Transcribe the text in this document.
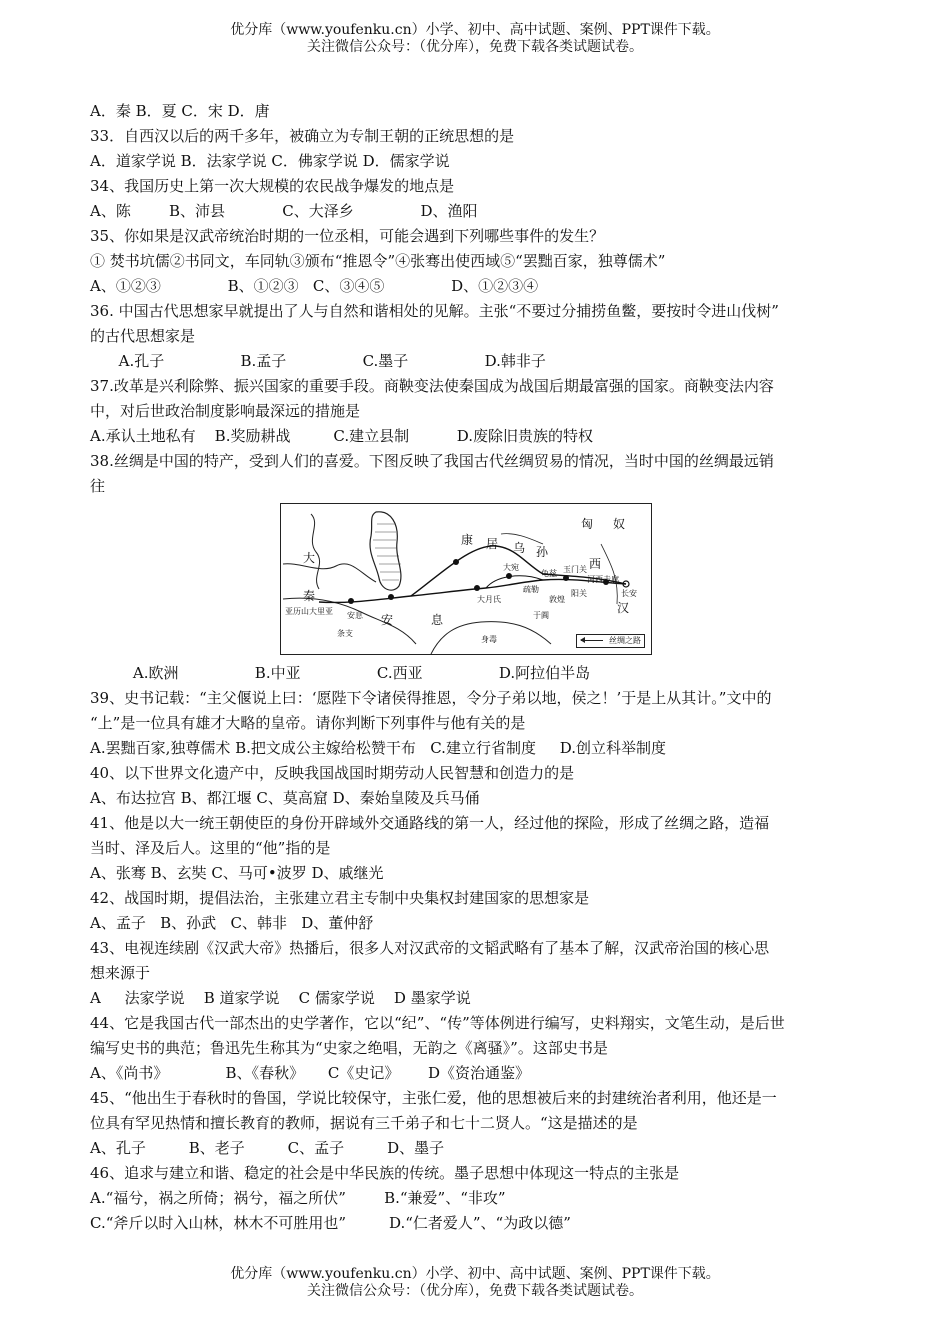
优分库（www.youfenku.cn）小学、初中、高中试题、案例、PPT课件下载。
关注微信公众号：（优分库），免费下载各类试题试卷。
A．秦 B．夏 C．宋 D．唐
33．自西汉以后的两千多年，被确立为专制王朝的正统思想的是
A．道家学说 B．法家学说 C．佛家学说 D．儒家学说
34、我国历史上第一次大规模的农民战争爆发的地点是
A、陈        B、沛县            C、大泽乡              D、渔阳
35、你如果是汉武帝统治时期的一位丞相，可能会遇到下列哪些事件的发生？
① 焚书坑儒②书同文，车同轨③颁布“推恩令”④张骞出使西域⑤“罢黜百家，独尊儒术”
A、①②③              B、①②③   C、③④⑤              D、①②③④
36. 中国古代思想家早就提出了人与自然和谐相处的见解。主张“不要过分捕捞鱼鳖，要按时令进山伐树”
的古代思想家是
A.孔子                B.孟子                C.墨子                D.韩非子
37.改革是兴利除弊、振兴国家的重要手段。商鞅变法使秦国成为战国后期最富强的国家。商鞅变法内容
中，对后世政治制度影响最深远的措施是
A.承认土地私有    B.奖励耕战         C.建立县制          D.废除旧贵族的特权
38.丝绸是中国的特产，受到人们的喜爱。下图反映了我国古代丝绸贸易的情况，当时中国的丝绸最远销
往
匈 奴
康 居 乌 孙
大
秦
安	息
大月氏
西
汉
长安
疏勒
龟兹
于阗
玉门关
阳关
敦煌
河西走廊
安息
条支
身毒
亚历山大里亚
大宛
丝绸之路
A.欧洲                B.中亚                C.西亚                D.阿拉伯半岛
39、史书记载：“主父偃说上曰：‘愿陛下令诸侯得推恩，令分子弟以地，侯之！’于是上从其计。”文中的
“上”是一位具有雄才大略的皇帝。请你判断下列事件与他有关的是
A.罢黜百家,独尊儒术 B.把文成公主嫁给松赞干布   C.建立行省制度     D.创立科举制度
40、以下世界文化遗产中，反映我国战国时期劳动人民智慧和创造力的是
A、布达拉宫 B、都江堰 C、莫高窟 D、秦始皇陵及兵马俑
41、他是以大一统王朝使臣的身份开辟域外交通路线的第一人，经过他的探险，形成了丝绸之路，造福
当时、泽及后人。这里的“他”指的是
A、张骞 B、玄奘 C、马可•波罗 D、戚继光
42、战国时期，提倡法治，主张建立君主专制中央集权封建国家的思想家是
A、孟子   B、孙武   C、韩非   D、董仲舒
43、电视连续剧《汉武大帝》热播后，很多人对汉武帝的文韬武略有了基本了解，汉武帝治国的核心思
想来源于
A     法家学说    B 道家学说    C 儒家学说    D 墨家学说
44、它是我国古代一部杰出的史学著作，它以“纪”、“传”等体例进行编写，史料翔实，文笔生动，是后世
编写史书的典范；鲁迅先生称其为“史家之绝唱，无韵之《离骚》”。这部史书是
A、《尚书》            B、《春秋》     C《史记》      D《资治通鉴》
45、“他出生于春秋时的鲁国，学说比较保守，主张仁爱，他的思想被后来的封建统治者利用，他还是一
位具有罕见热情和擅长教育的教师，据说有三千弟子和七十二贤人。“这是描述的是
A、孔子         B、老子         C、孟子         D、墨子
46、追求与建立和谐、稳定的社会是中华民族的传统。墨子思想中体现这一特点的主张是
A.“福兮，祸之所倚；祸兮，福之所伏”        B.“兼爱”、“非攻”
C.“斧斤以时入山林，林木不可胜用也”         D.“仁者爱人”、“为政以德”
优分库（www.youfenku.cn）小学、初中、高中试题、案例、PPT课件下载。
关注微信公众号：（优分库），免费下载各类试题试卷。
